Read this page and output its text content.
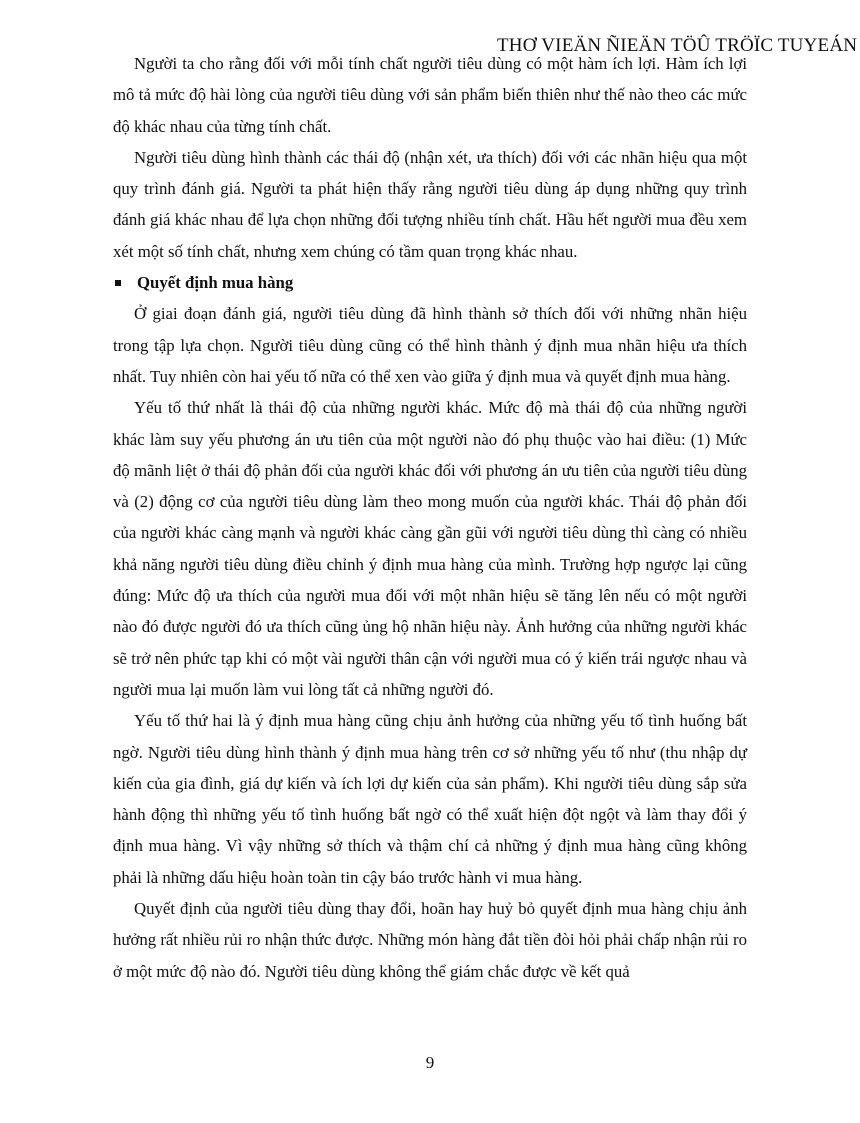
THƠ VIEÄN ÑIEÄN TÖÛ TRÖÏC TUYEÁN

Người ta cho rằng đối với mỗi tính chất người tiêu dùng có một hàm ích lợi. Hàm ích lợi mô tả mức độ hài lòng của người tiêu dùng với sản phẩm biến thiên như thế nào theo các mức độ khác nhau của từng tính chất.

Người tiêu dùng hình thành các thái độ (nhận xét, ưa thích) đối với các nhãn hiệu qua một quy trình đánh giá. Người ta phát hiện thấy rằng người tiêu dùng áp dụng những quy trình đánh giá khác nhau để lựa chọn những đối tượng nhiều tính chất. Hầu hết người mua đều xem xét một số tính chất, nhưng xem chúng có tầm quan trọng khác nhau.

Quyết định mua hàng

Ở giai đoạn đánh giá, người tiêu dùng đã hình thành sở thích đối với những nhãn hiệu trong tập lựa chọn. Người tiêu dùng cũng có thể hình thành ý định mua nhãn hiệu ưa thích nhất. Tuy nhiên còn hai yếu tố nữa có thể xen vào giữa ý định mua và quyết định mua hàng.

Yếu tố thứ nhất là thái độ của những người khác. Mức độ mà thái độ của những người khác làm suy yếu phương án ưu tiên của một người nào đó phụ thuộc vào hai điều: (1) Mức độ mãnh liệt ở thái độ phản đối của người khác đối với phương án ưu tiên của người tiêu dùng và (2) động cơ của người tiêu dùng làm theo mong muốn của người khác. Thái độ phản đối của người khác càng mạnh và người khác càng gần gũi với người tiêu dùng thì càng có nhiều khả năng người tiêu dùng điều chỉnh ý định mua hàng của mình. Trường hợp ngược lại cũng đúng: Mức độ ưa thích của người mua đối với một nhãn hiệu sẽ tăng lên nếu có một người nào đó được người đó ưa thích cũng ủng hộ nhãn hiệu này. Ảnh hưởng của những người khác sẽ trở nên phức tạp khi có một vài người thân cận với người mua có ý kiến trái ngược nhau và người mua lại muốn làm vui lòng tất cả những người đó.

Yếu tố thứ hai là ý định mua hàng cũng chịu ảnh hưởng của những yếu tố tình huống bất ngờ. Người tiêu dùng hình thành ý định mua hàng trên cơ sở những yếu tố như (thu nhập dự kiến của gia đình, giá dự kiến và ích lợi dự kiến của sản phẩm). Khi người tiêu dùng sắp sửa hành động thì những yếu tố tình huống bất ngờ có thể xuất hiện đột ngột và làm thay đổi ý định mua hàng. Vì vậy những sở thích và thậm chí cả những ý định mua hàng cũng không phải là những dấu hiệu hoàn toàn tin cậy báo trước hành vi mua hàng.

Quyết định của người tiêu dùng thay đổi, hoãn hay huỷ bỏ quyết định mua hàng chịu ảnh hưởng rất nhiều rủi ro nhận thức được. Những món hàng đắt tiền đòi hỏi phải chấp nhận rủi ro ở một mức độ nào đó. Người tiêu dùng không thể giám chắc được về kết quả

9
